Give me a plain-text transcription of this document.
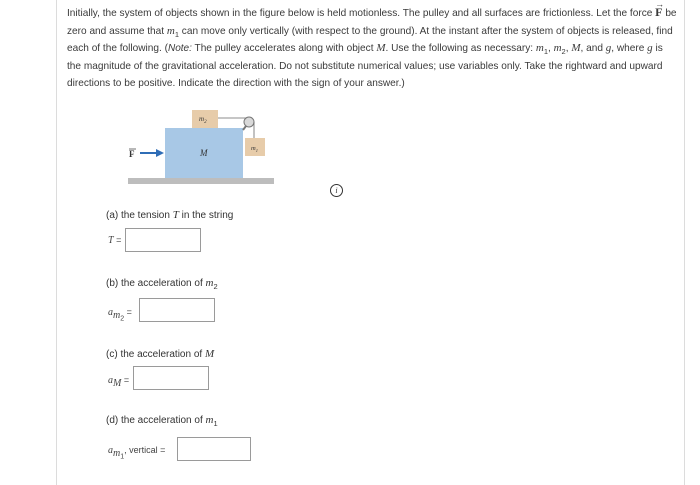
Initially, the system of objects shown in the figure below is held motionless. The pulley and all surfaces are frictionless. Let the force → F be zero and assume that $m_1$ can move only vertically (with respect to the ground). At the instant after the system of objects is released, find each of the following. (Note: The pulley accelerates along with object M. Use the following as necessary: $m_1$, $m_2$, M, and g, where g is the magnitude of the gravitational acceleration. Do not substitute numerical values; use variables only. Take the rightward and upward directions to be positive. Indicate the direction with the sign of your answer.)
F	M
$m_2$
$m_1$
i
(a) the tension T in the string
T =
(b) the acceleration of $m_2$
$a_{m_2}$ =
(c) the acceleration of M
$a_M$ =
(d) the acceleration of $m_1$
$a_{m_1}$, vertical =
